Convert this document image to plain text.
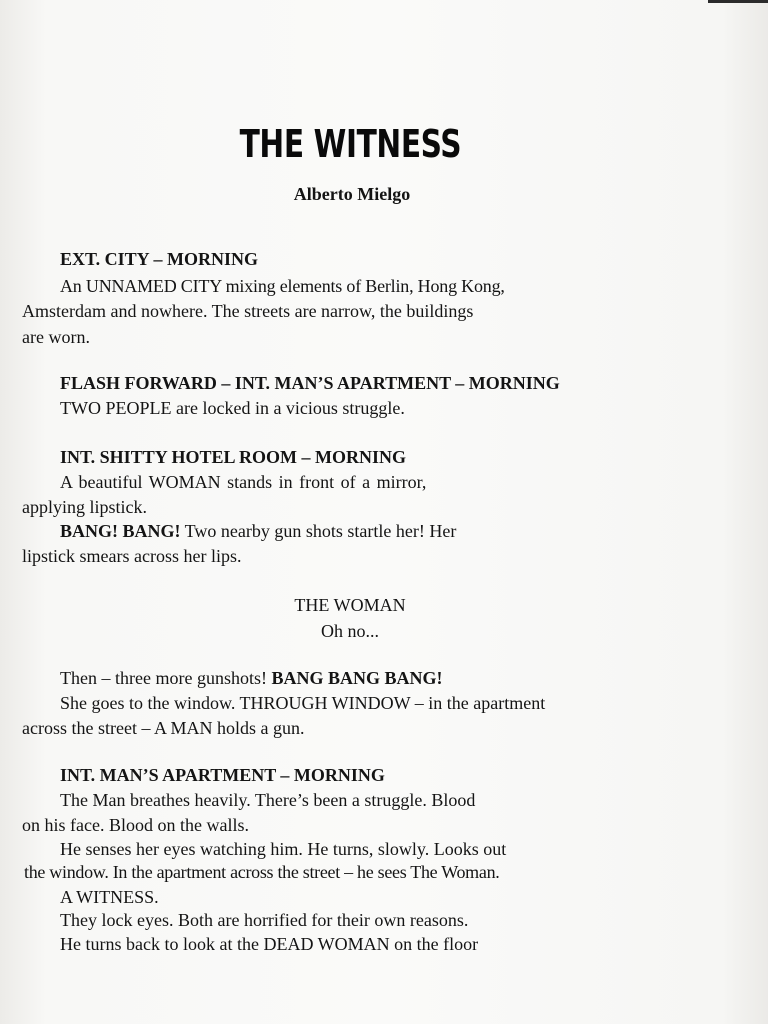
THE WITNESS
Alberto Mielgo
EXT. CITY – MORNING
An UNNAMED CITY mixing elements of Berlin, Hong Kong,
Amsterdam and nowhere. The streets are narrow, the buildings
are worn.
FLASH FORWARD – INT. MAN’S APARTMENT – MORNING
TWO PEOPLE are locked in a vicious struggle.
INT. SHITTY HOTEL ROOM – MORNING
A beautiful WOMAN stands in front of a mirror,
applying lipstick.
BANG! BANG! Two nearby gun shots startle her! Her
lipstick smears across her lips.
THE WOMAN
Oh no...
Then – three more gunshots! BANG BANG BANG!
She goes to the window. THROUGH WINDOW – in the apartment
across the street – A MAN holds a gun.
INT. MAN’S APARTMENT – MORNING
The Man breathes heavily. There’s been a struggle. Blood
on his face. Blood on the walls.
He senses her eyes watching him. He turns, slowly. Looks out
the window. In the apartment across the street – he sees The Woman.
A WITNESS.
They lock eyes. Both are horrified for their own reasons.
He turns back to look at the DEAD WOMAN on the floor
